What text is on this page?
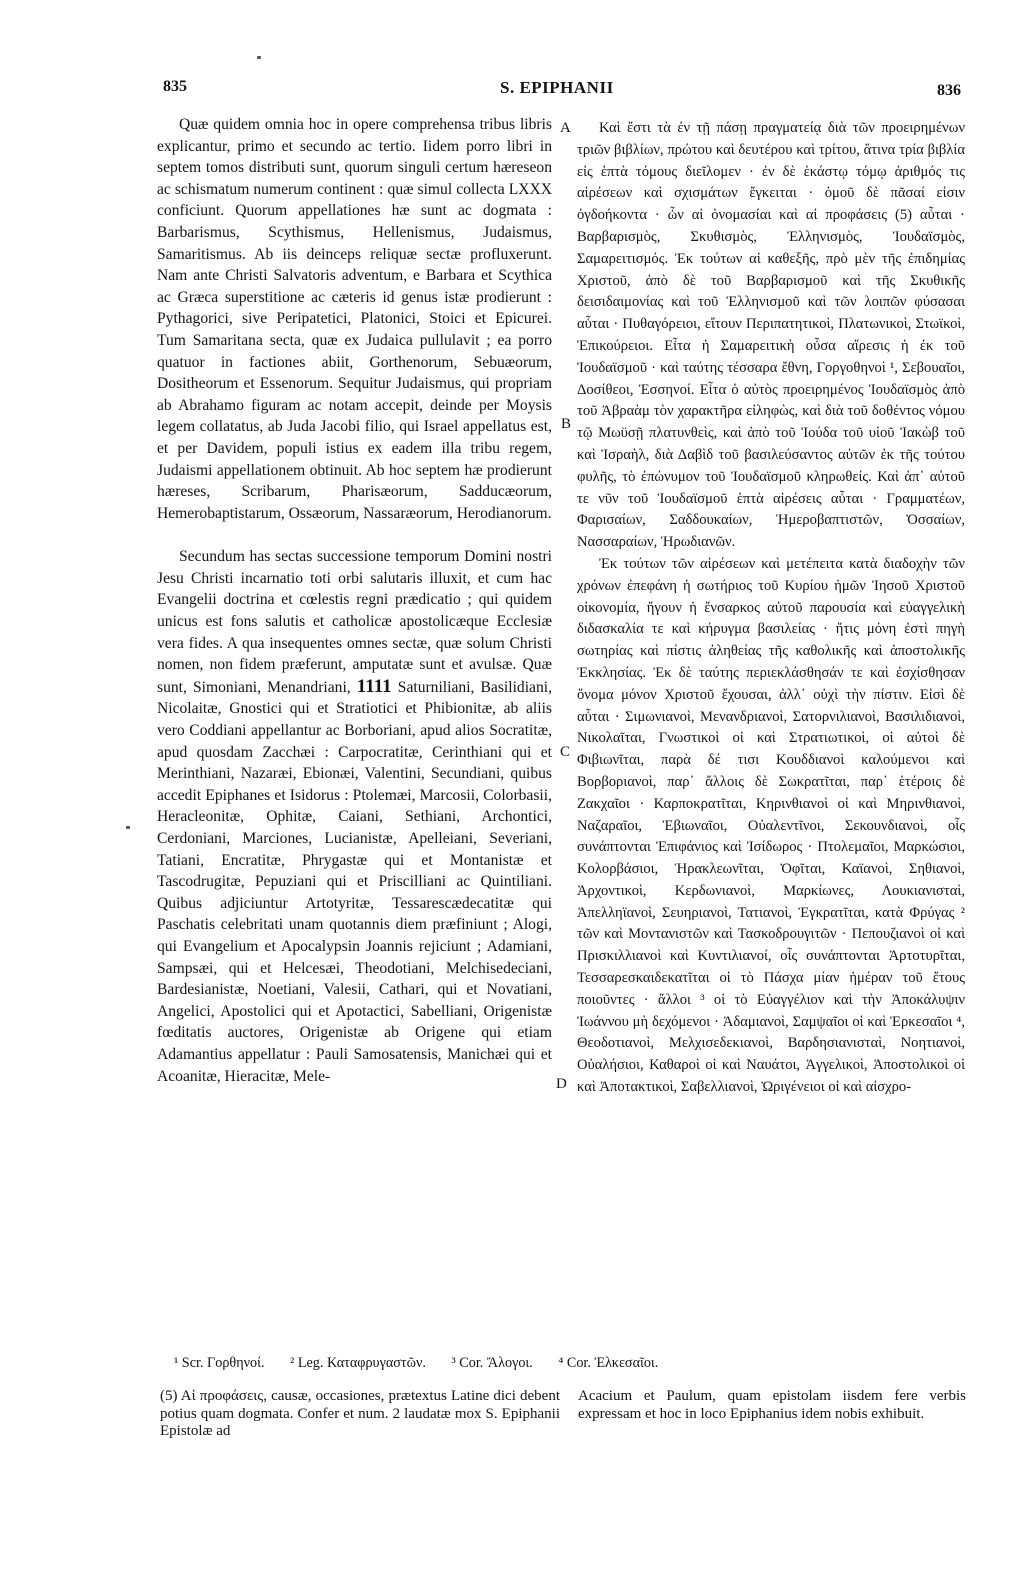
835	S. EPIPHANII	836

Quæ quidem omnia hoc in opere comprehensa tribus libris explicantur, primo et secundo ac tertio. Iidem porro libri in septem tomos distributi sunt, quorum singuli certum hæreseon ac schismatum numerum continent : quæ simul collecta LXXX conficiunt. Quorum appellationes hæ sunt ac dogmata : Barbarismus, Scythismus, Hellenismus, Judaismus, Samaritismus. Ab iis deinceps reliquæ sectæ profluxerunt. Nam ante Christi Salvatoris adventum, e Barbara et Scythica ac Græca superstitione ac cæteris id genus istæ prodierunt : Pythagorici, sive Peripatetici, Platonici, Stoici et Epicurei. Tum Samaritana secta, quæ ex Judaica pullulavit ; ea porro quatuor in factiones abiit, Gorthenorum, Sebuæorum, Dositheorum et Essenorum. Sequitur Judaismus, qui propriam ab Abrahamo figuram ac notam accepit, deinde per Moysis legem collatatus, ab Juda Jacobi filio, qui Israel appellatus est, et per Davidem, populi istius ex eadem illa tribu regem, Judaismi appellationem obtinuit. Ab hoc septem hæ prodierunt hæreses, Scribarum, Pharisæorum, Sadducæorum, Hemerobaptistarum, Ossæorum, Nassaræorum, Herodianorum.

Secundum has sectas successione temporum Domini nostri Jesu Christi incarnatio toti orbi salutaris illuxit, et cum hac Evangelii doctrina et cœlestis regni prædicatio ; qui quidem unicus est fons salutis et catholicæ apostolicæque Ecclesiæ vera fides. A qua insequentes omnes sectæ, quæ solum Christi nomen, non fidem præferunt, amputatæ sunt et avulsæ. Quæ sunt, Simoniani, Menandriani, 1111 Saturniliani, Basilidiani, Nicolaitæ, Gnostici qui et Stratiotici et Phibionitæ, ab aliis vero Coddiani appellantur ac Borboriani, apud alios Socratitæ, apud quosdam Zacchæi : Carpocratitæ, Cerinthiani qui et Merinthiani, Nazaræi, Ebionæi, Valentini, Secundiani, quibus accedit Epiphanes et Isidorus : Ptolemæi, Marcosii, Colorbasii, Heracleonitæ, Ophitæ, Caiani, Sethiani, Archontici, Cerdoniani, Marciones, Lucianistæ, Apelleiani, Severiani, Tatiani, Encratitæ, Phrygastæ qui et Montanistæ et Tascodrugitæ, Pepuziani qui et Priscilliani ac Quintiliani. Quibus adjiciuntur Artotyritæ, Tessarescædecatitæ qui Paschatis celebritati unam quotannis diem præfiniunt ; Alogi, qui Evangelium et Apocalypsin Joannis rejiciunt ; Adamiani, Sampsæi, qui et Helcesæi, Theodotiani, Melchisedeciani, Bardesianistæ, Noetiani, Valesii, Cathari, qui et Novatiani, Angelici, Apostolici qui et Apotactici, Sabelliani, Origenistæ fœditatis auctores, Origenistæ ab Origene qui etiam Adamantius appellatur : Pauli Samosatensis, Manichæi qui et Acoanitæ, Hieracitæ, Mele-

A
B
C
D

Καὶ ἔστι τὰ ἐν τῇ πάσῃ πραγματείᾳ διὰ τῶν προειρημένων τριῶν βιβλίων, πρώτου καὶ δευτέρου καὶ τρίτου, ἅτινα τρία βιβλία εἰς ἑπτὰ τόμους διεῖλομεν · ἐν δὲ ἑκάστῳ τόμῳ ἀριθμός τις αἱρέσεων καὶ σχισμάτων ἔγκειται · ὁμοῦ δὲ πᾶσαί εἰσιν ὀγδοήκοντα · ὧν αἱ ὀνομασίαι καὶ αἱ προφάσεις (5) αὗται · Βαρβαρισμὸς, Σκυθισμὸς, Ἑλληνισμὸς, Ἰουδαϊσμὸς, Σαμαρειτισμός. Ἐκ τούτων αἱ καθεξῆς, πρὸ μὲν τῆς ἐπιδημίας Χριστοῦ, ἀπὸ δὲ τοῦ Βαρβαρισμοῦ καὶ τῆς Σκυθικῆς δεισιδαιμονίας καὶ τοῦ Ἑλληνισμοῦ καὶ τῶν λοιπῶν φύσασαι αὗται · Πυθαγόρειοι, εἴτουν Περιπατητικοὶ, Πλατωνικοὶ, Στωϊκοὶ, Ἐπικούρειοι. Εἶτα ἡ Σαμαρειτικὴ οὖσα αἵρεσις ἡ ἐκ τοῦ Ἰουδαϊσμοῦ · καὶ ταύτης τέσσαρα ἔθνη, Γοργοθηνοὶ ¹, Σεβουαῖοι, Δοσίθεοι, Ἐσσηνοί. Εἶτα ὁ αὐτὸς προειρημένος Ἰουδαϊσμὸς ἀπὸ τοῦ Ἀβραὰμ τὸν χαρακτῆρα εἰληφὼς, καὶ διὰ τοῦ δοθέντος νόμου τῷ Μωϋσῇ πλατυνθεὶς, καὶ ἀπὸ τοῦ Ἰούδα τοῦ υἱοῦ Ἰακὼβ τοῦ καὶ Ἰσραὴλ, διὰ Δαβὶδ τοῦ βασιλεύσαντος αὐτῶν ἐκ τῆς τούτου φυλῆς, τὸ ἐπώνυμον τοῦ Ἰουδαϊσμοῦ κληρωθείς. Καὶ ἀπ᾽ αὐτοῦ τε νῦν τοῦ Ἰουδαϊσμοῦ ἑπτὰ αἱρέσεις αὗται · Γραμματέων, Φαρισαίων, Σαδδουκαίων, Ἡμεροβαπτιστῶν, Ὀσσαίων, Νασσαραίων, Ἡρωδιανῶν.

Ἐκ τούτων τῶν αἱρέσεων καὶ μετέπειτα κατὰ διαδοχὴν τῶν χρόνων ἐπεφάνη ἡ σωτήριος τοῦ Κυρίου ἡμῶν Ἰησοῦ Χριστοῦ οἰκονομία, ἤγουν ἡ ἔνσαρκος αὐτοῦ παρουσία καὶ εὐαγγελικὴ διδασκαλία τε καὶ κήρυγμα βασιλείας · ἥτις μόνη ἐστὶ πηγὴ σωτηρίας καὶ πίστις ἀληθείας τῆς καθολικῆς καὶ ἀποστολικῆς Ἐκκλησίας. Ἐκ δὲ ταύτης περιεκλάσθησάν τε καὶ ἐσχίσθησαν ὄνομα μόνον Χριστοῦ ἔχουσαι, ἀλλ᾽ οὐχὶ τὴν πίστιν. Εἰσὶ δὲ αὗται · Σιμωνιανοὶ, Μενανδριανοὶ, Σατορνιλιανοὶ, Βασιλιδιανοὶ, Νικολαῖται, Γνωστικοὶ οἱ καὶ Στρατιωτικοὶ, οἱ αὐτοὶ δὲ Φιβιωνῖται, παρὰ δέ τισι Κουδδιανοὶ καλούμενοι καὶ Βορβοριανοὶ, παρ᾽ ἄλλοις δὲ Σωκρατῖται, παρ᾽ ἑτέροις δὲ Ζακχαῖοι · Καρποκρατῖται, Κηρινθιανοὶ οἱ καὶ Μηρινθιανοὶ, Ναζαραῖοι, Ἐβιωναῖοι, Οὐαλεντῖνοι, Σεκουνδιανοὶ, οἷς συνάπτονται Ἐπιφάνιος καὶ Ἰσίδωρος · Πτολεμαῖοι, Μαρκώσιοι, Κολορβάσιοι, Ἡρακλεωνῖται, Ὀφῖται, Καϊανοὶ, Σηθιανοὶ, Ἀρχοντικοὶ, Κερδωνιανοὶ, Μαρκίωνες, Λουκιανισταὶ, Ἀπελληϊανοὶ, Σευηριανοὶ, Τατιανοὶ, Ἐγκρατῖται, κατὰ Φρύγας ² τῶν καὶ Μοντανιστῶν καὶ Τασκοδρουγιτῶν · Πεπουζιανοὶ οἱ καὶ Πρισκιλλιανοὶ καὶ Κυντιλιανοί, οἷς συνάπτονται Ἀρτοτυρῖται, Τεσσαρεσκαιδεκατῖται οἱ τὸ Πάσχα μίαν ἡμέραν τοῦ ἔτους ποιοῦντες · ἄλλοι ³ οἱ τὸ Εὐαγγέλιον καὶ τὴν Ἀποκάλυψιν Ἰωάννου μὴ δεχόμενοι · Ἀδαμιανοὶ, Σαμψαῖοι οἱ καὶ Ἐρκεσαῖοι ⁴, Θεοδοτιανοὶ, Μελχισεδεκιανοὶ, Βαρδησιανισταὶ, Νοητιανοὶ, Οὐαλήσιοι, Καθαροὶ οἱ καὶ Ναυάτοι, Ἀγγελικοὶ, Ἀποστολικοὶ οἱ καὶ Ἀποτακτικοὶ, Σαβελλιανοὶ, Ὠριγένειοι οἱ καὶ αἰσχρο-

¹ Scr. Γορθηνοί. ² Leg. Καταφρυγαστῶν. ³ Cor. Ἄλογοι. ⁴ Cor. Ἐλκεσαῖοι.
(5) Αἱ προφάσεις, causæ, occasiones, prætextus Latine dici debent potius quam dogmata. Confer et num. 2 laudatæ mox S. Epiphanii Epistolæ ad
Acacium et Paulum, quam epistolam iisdem fere verbis expressam et hoc in loco Epiphanius idem nobis exhibuit.
